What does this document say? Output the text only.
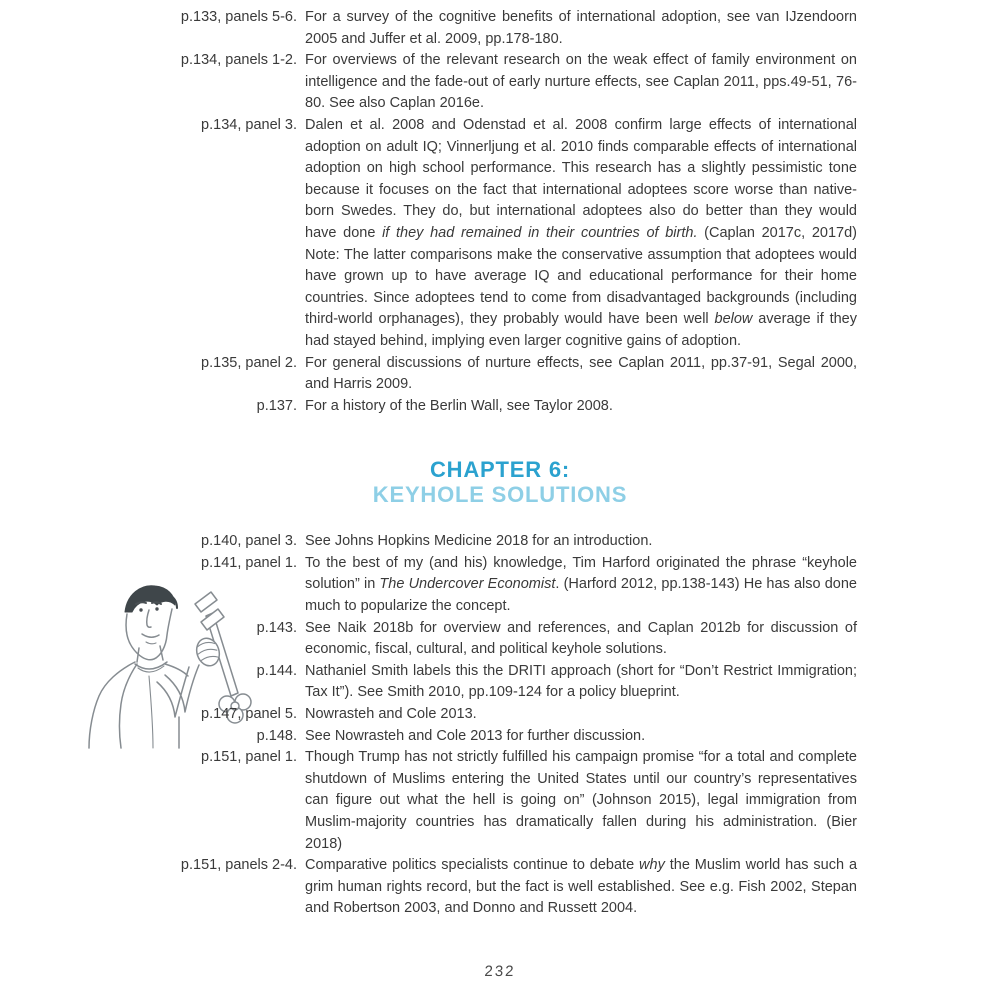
p.133, panels 5-6. For a survey of the cognitive benefits of international adoption, see van IJzendoorn 2005 and Juffer et al. 2009, pp.178-180.
p.134, panels 1-2. For overviews of the relevant research on the weak effect of family environment on intelligence and the fade-out of early nurture effects, see Caplan 2011, pps.49-51, 76-80. See also Caplan 2016e.
p.134, panel 3. Dalen et al. 2008 and Odenstad et al. 2008 confirm large effects of international adoption on adult IQ; Vinnerljung et al. 2010 finds comparable effects of international adoption on high school performance. This research has a slightly pessimistic tone because it focuses on the fact that international adoptees score worse than native-born Swedes. They do, but international adoptees also do better than they would have done if they had remained in their countries of birth. (Caplan 2017c, 2017d) Note: The latter comparisons make the conservative assumption that adoptees would have grown up to have average IQ and educational performance for their home countries. Since adoptees tend to come from disadvantaged backgrounds (including third-world orphanages), they probably would have been well below average if they had stayed behind, implying even larger cognitive gains of adoption.
p.135, panel 2. For general discussions of nurture effects, see Caplan 2011, pp.37-91, Segal 2000, and Harris 2009.
p.137. For a history of the Berlin Wall, see Taylor 2008.
CHAPTER 6:
KEYHOLE SOLUTIONS
p.140, panel 3. See Johns Hopkins Medicine 2018 for an introduction.
p.141, panel 1. To the best of my (and his) knowledge, Tim Harford originated the phrase “keyhole solution” in The Undercover Economist. (Harford 2012, pp.138-143) He has also done much to popularize the concept.
p.143. See Naik 2018b for overview and references, and Caplan 2012b for discussion of economic, fiscal, cultural, and political keyhole solutions.
p.144. Nathaniel Smith labels this the DRITI approach (short for “Don’t Restrict Immigration; Tax It”). See Smith 2010, pp.109-124 for a policy blueprint.
p.147, panel 5. Nowrasteh and Cole 2013.
p.148. See Nowrasteh and Cole 2013 for further discussion.
p.151, panel 1. Though Trump has not strictly fulfilled his campaign promise “for a total and complete shutdown of Muslims entering the United States until our country’s representatives can figure out what the hell is going on” (Johnson 2015), legal immigration from Muslim-majority countries has dramatically fallen during his administration. (Bier 2018)
p.151, panels 2-4. Comparative politics specialists continue to debate why the Muslim world has such a grim human rights record, but the fact is well established. See e.g. Fish 2002, Stepan and Robertson 2003, and Donno and Russett 2004.
232
